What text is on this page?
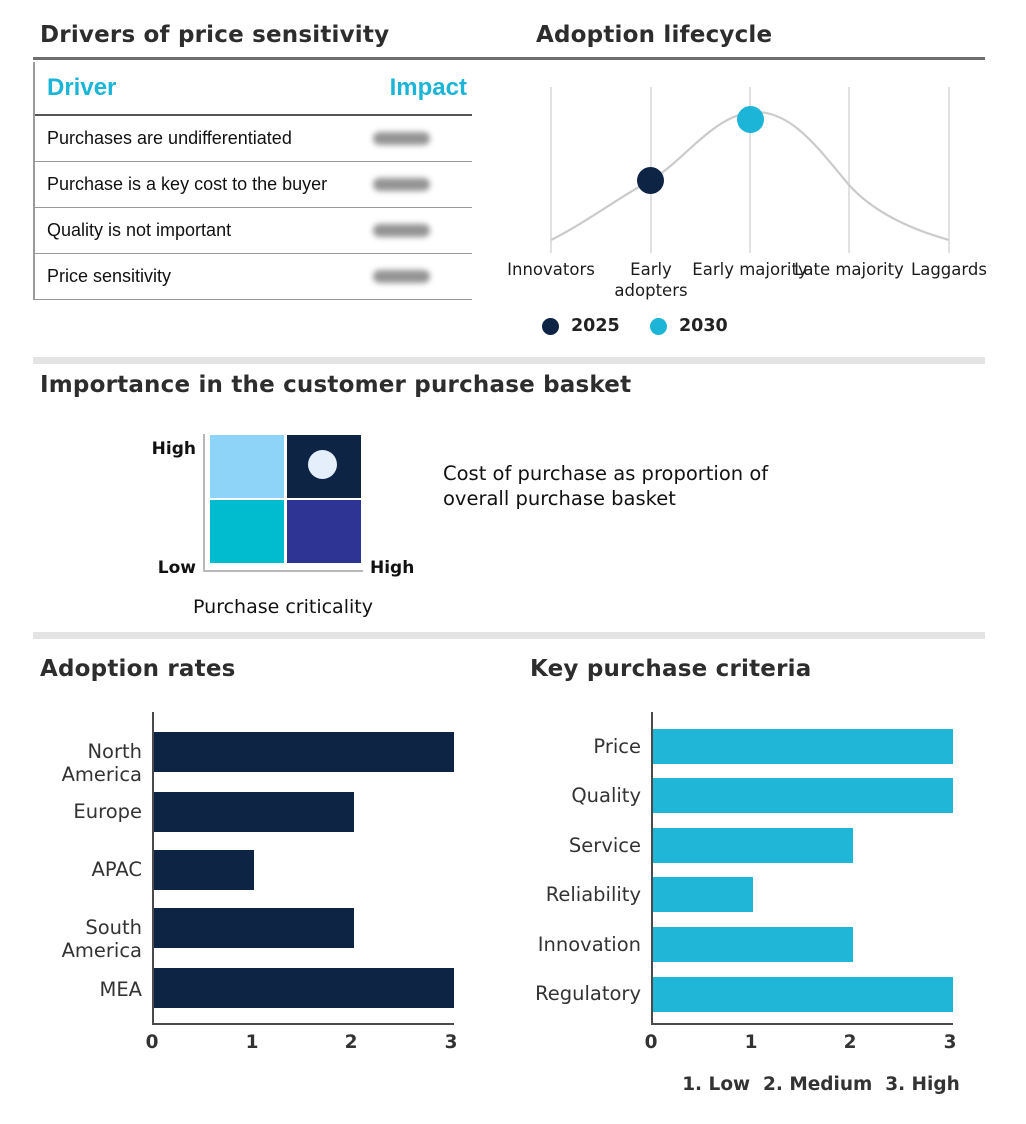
Drivers of price sensitivity	Adoption lifecycle
Driver	Impact
Purchases are undifferentiated
Purchase is a key cost to the buyer
Quality is not important
Price sensitivity	Innovators	Early adopters
Early majority
Late majority Laggards
2025	2030
Importance in the customer purchase basket
High
Low	High
Purchase criticality
Cost of purchase as proportion of overall purchase basket
Adoption rates	Key purchase criteria
North America
Europe
APAC
South America
MEA
0	1	2	3
Price
Quality
Service
Reliability
Innovation
Regulatory
0	1	2	3
1. Low  2. Medium  3. High
